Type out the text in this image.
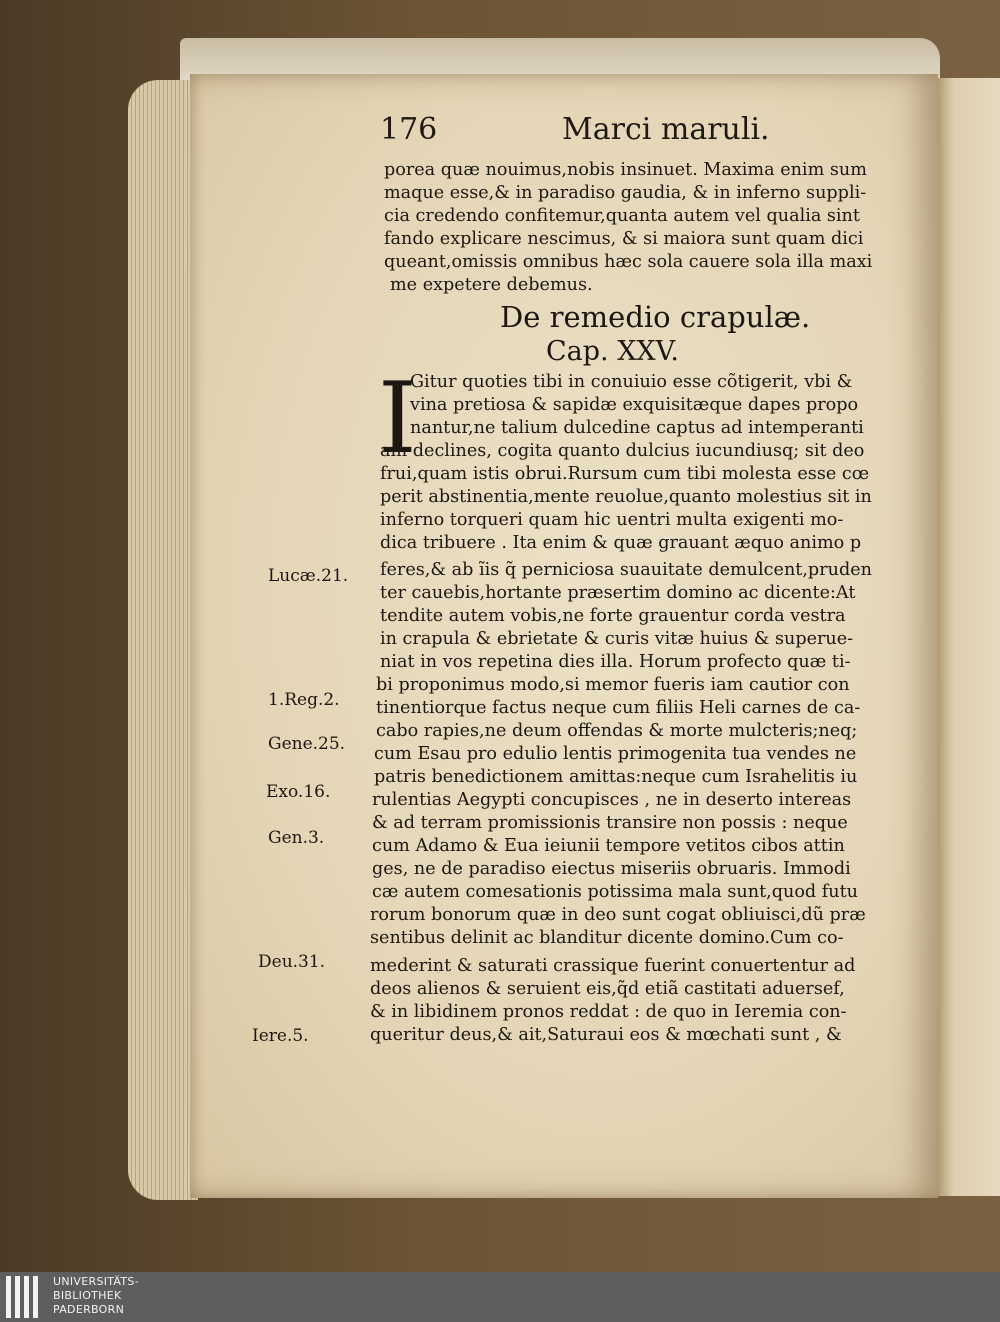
176	Marci maruli.
porea quæ nouimus,nobis insinuet. Maxima enim sum
maque esse,& in paradiso gaudia, & in inferno suppli-
cia credendo confitemur,quanta autem vel qualia sint
fando explicare nescimus, & si maiora sunt quam dici
queant,omissis omnibus hæc sola cauere sola illa maxi
me expetere debemus.
De remedio crapulæ.
Cap. XXV.
I
Gitur quoties tibi in conuiuio esse cõtigerit, vbi &
vina pretiosa & sapidæ exquisitæque dapes propo
nantur,ne talium dulcedine captus ad intemperanti
am declines, cogita quanto dulcius iucundiusq; sit deo
frui,quam istis obrui.Rursum cum tibi molesta esse cœ
perit abstinentia,mente reuolue,quanto molestius sit in
inferno torqueri quam hic uentri multa exigenti mo-
dica tribuere . Ita enim & quæ grauant æquo animo p
feres,& ab ĩis q̃ perniciosa suauitate demulcent,pruden
ter cauebis,hortante præsertim domino ac dicente:At
tendite autem vobis,ne forte grauentur corda vestra
in crapula & ebrietate & curis vitæ huius & superue-
niat in vos repetina dies illa. Horum profecto quæ ti-
bi proponimus modo,si memor fueris iam cautior con
tinentiorque factus neque cum filiis Heli carnes de ca-
cabo rapies,ne deum offendas & morte mulcteris;neq;
cum Esau pro edulio lentis primogenita tua vendes ne
patris benedictionem amittas:neque cum Israhelitis iu
rulentias Aegypti concupisces , ne in deserto intereas
& ad terram promissionis transire non possis : neque
cum Adamo & Eua ieiunii tempore vetitos cibos attin
ges, ne de paradiso eiectus miseriis obruaris. Immodi
cæ autem comesationis potissima mala sunt,quod futu
rorum bonorum quæ in deo sunt cogat obliuisci,dũ præ
sentibus delinit ac blanditur dicente domino.Cum co-
mederint & saturati crassique fuerint conuertentur ad
deos alienos & seruient eis,q̃d etiã castitati aduersef,
& in libidinem pronos reddat : de quo in Ieremia con-
queritur deus,& ait,Saturaui eos & mœchati sunt , &
Lucæ.21.
1.Reg.2.
Gene.25.
Exo.16.
Gen.3.
Deu.31.
Iere.5.
UNIVERSITÄTS-
BIBLIOTHEK
PADERBORN
